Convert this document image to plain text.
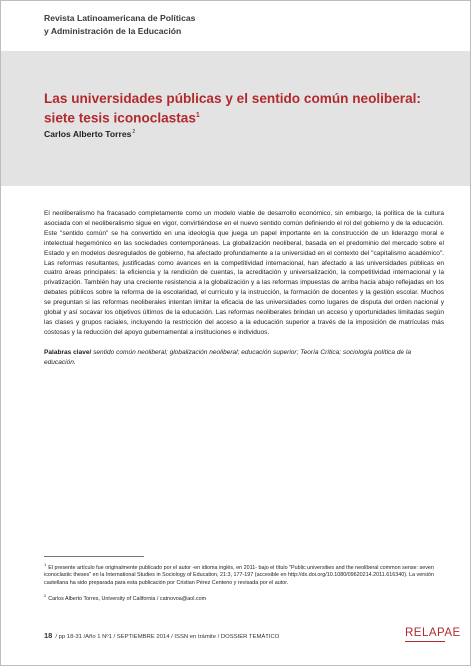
Revista Latinoamericana de Políticas
y Administración de la Educación
Las universidades públicas y el sentido común neoliberal: siete tesis iconoclastas$^1$
Carlos Alberto Torres$^2$

El neoliberalismo ha fracasado completamente como un modelo viable de desarrollo económico, sin embargo, la política de la cultura asociada con el neoliberalismo sigue en vigor, convirtiéndose en el nuevo sentido común definiendo el rol del gobierno y de la educación. Este "sentido común" se ha convertido en una ideología que juega un papel importante en la construcción de un liderazgo moral e intelectual hegemónico en las sociedades contemporáneas. La globalización neoliberal, basada en el predominio del mercado sobre el Estado y en modelos desregulados de gobierno, ha afectado profundamente a la universidad en el contexto del "capitalismo académico". Las reformas resultantes, justificadas como avances en la competitividad internacional, han afectado a las universidades públicas en cuatro áreas principales: la eficiencia y la rendición de cuentas, la acreditación y universalización, la competitividad internacional y la privatización. También hay una creciente resistencia a la globalización y a las reformas impuestas de arriba hacia abajo reflejadas en los debates públicos sobre la reforma de la escolaridad, el currículo y la instrucción, la formación de docentes y la gestión escolar. Muchos se preguntan si las reformas neoliberales intentan limitar la eficacia de las universidades como lugares de disputa del orden nacional y global y así socavar los objetivos últimos de la educación. Las reformas neoliberales brindan un acceso y oportunidades limitadas según las clases y grupos raciales, incluyendo la restricción del acceso a la educación superior a través de la imposición de matrículas más costosas y la reducción del apoyo gubernamental a instituciones e individuos.

Palabras clave/ sentido común neoliberal; globalización neoliberal; educación superior; Teoría Crítica; sociología política de la educación.

$^1$El presente artículo fue originalmente publicado por el autor -en idioma inglés, en 2011- bajo el título "Public universities and the neoliberal common sense: seven iconoclastic theses" en la International Studies in Sociology of Education, 21:3, 177-197 (accesible en http://dx.doi.org/10.1080/09620214.2011.616340). La versión castellana ha sido preparada para esta publicación por Cristian Pérez Centeno y revisada por el autor.

$^2$Carlos Alberto Torres, University of California / catnovoa@aol.com

18 / pp 18-31 /Año 1 Nº1 / SEPTIEMBRE 2014 / ISSN en trámite / DOSSIER TEMÁTICO	RELAPAE
